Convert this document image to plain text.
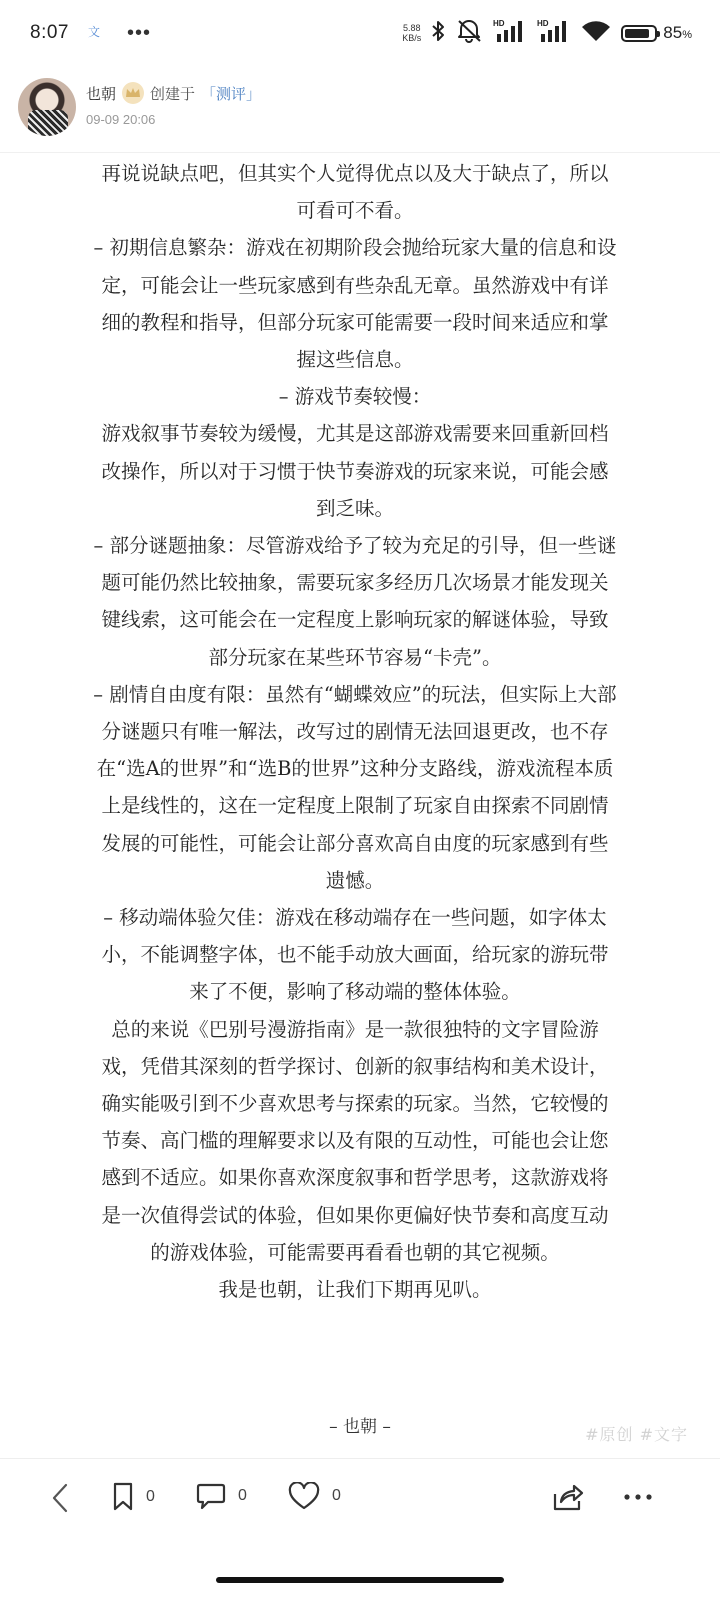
8:07 文 •••	5.88
KB/s
HD	HD	85%
也朝 创建于 「测评」
09-09 20:06

再说说缺点吧，但其实个人觉得优点以及大于缺点了，所以可看可不看。

– 初期信息繁杂：游戏在初期阶段会抛给玩家大量的信息和设定，可能会让一些玩家感到有些杂乱无章。虽然游戏中有详细的教程和指导，但部分玩家可能需要一段时间来适应和掌握这些信息。

– 游戏节奏较慢：

游戏叙事节奏较为缓慢，尤其是这部游戏需要来回重新回档改操作，所以对于习惯于快节奏游戏的玩家来说，可能会感到乏味。

– 部分谜题抽象：尽管游戏给予了较为充足的引导，但一些谜题可能仍然比较抽象，需要玩家多经历几次场景才能发现关键线索，这可能会在一定程度上影响玩家的解谜体验，导致部分玩家在某些环节容易“卡壳”。

– 剧情自由度有限：虽然有“蝴蝶效应”的玩法，但实际上大部分谜题只有唯一解法，改写过的剧情无法回退更改，也不存在“选A的世界”和“选B的世界”这种分支路线，游戏流程本质上是线性的，这在一定程度上限制了玩家自由探索不同剧情发展的可能性，可能会让部分喜欢高自由度的玩家感到有些遗憾。

– 移动端体验欠佳：游戏在移动端存在一些问题，如字体太小，不能调整字体，也不能手动放大画面，给玩家的游玩带来了不便，影响了移动端的整体体验。

总的来说《巴别号漫游指南》是一款很独特的文字冒险游戏，凭借其深刻的哲学探讨、创新的叙事结构和美术设计，确实能吸引到不少喜欢思考与探索的玩家。当然，它较慢的节奏、高门槛的理解要求以及有限的互动性，可能也会让您感到不适应。如果你喜欢深度叙事和哲学思考，这款游戏将是一次值得尝试的体验，但如果你更偏好快节奏和高度互动的游戏体验，可能需要再看看也朝的其它视频。

我是也朝，让我们下期再见叭。

– 也朝 –	#原创 #文字
0	0	0
